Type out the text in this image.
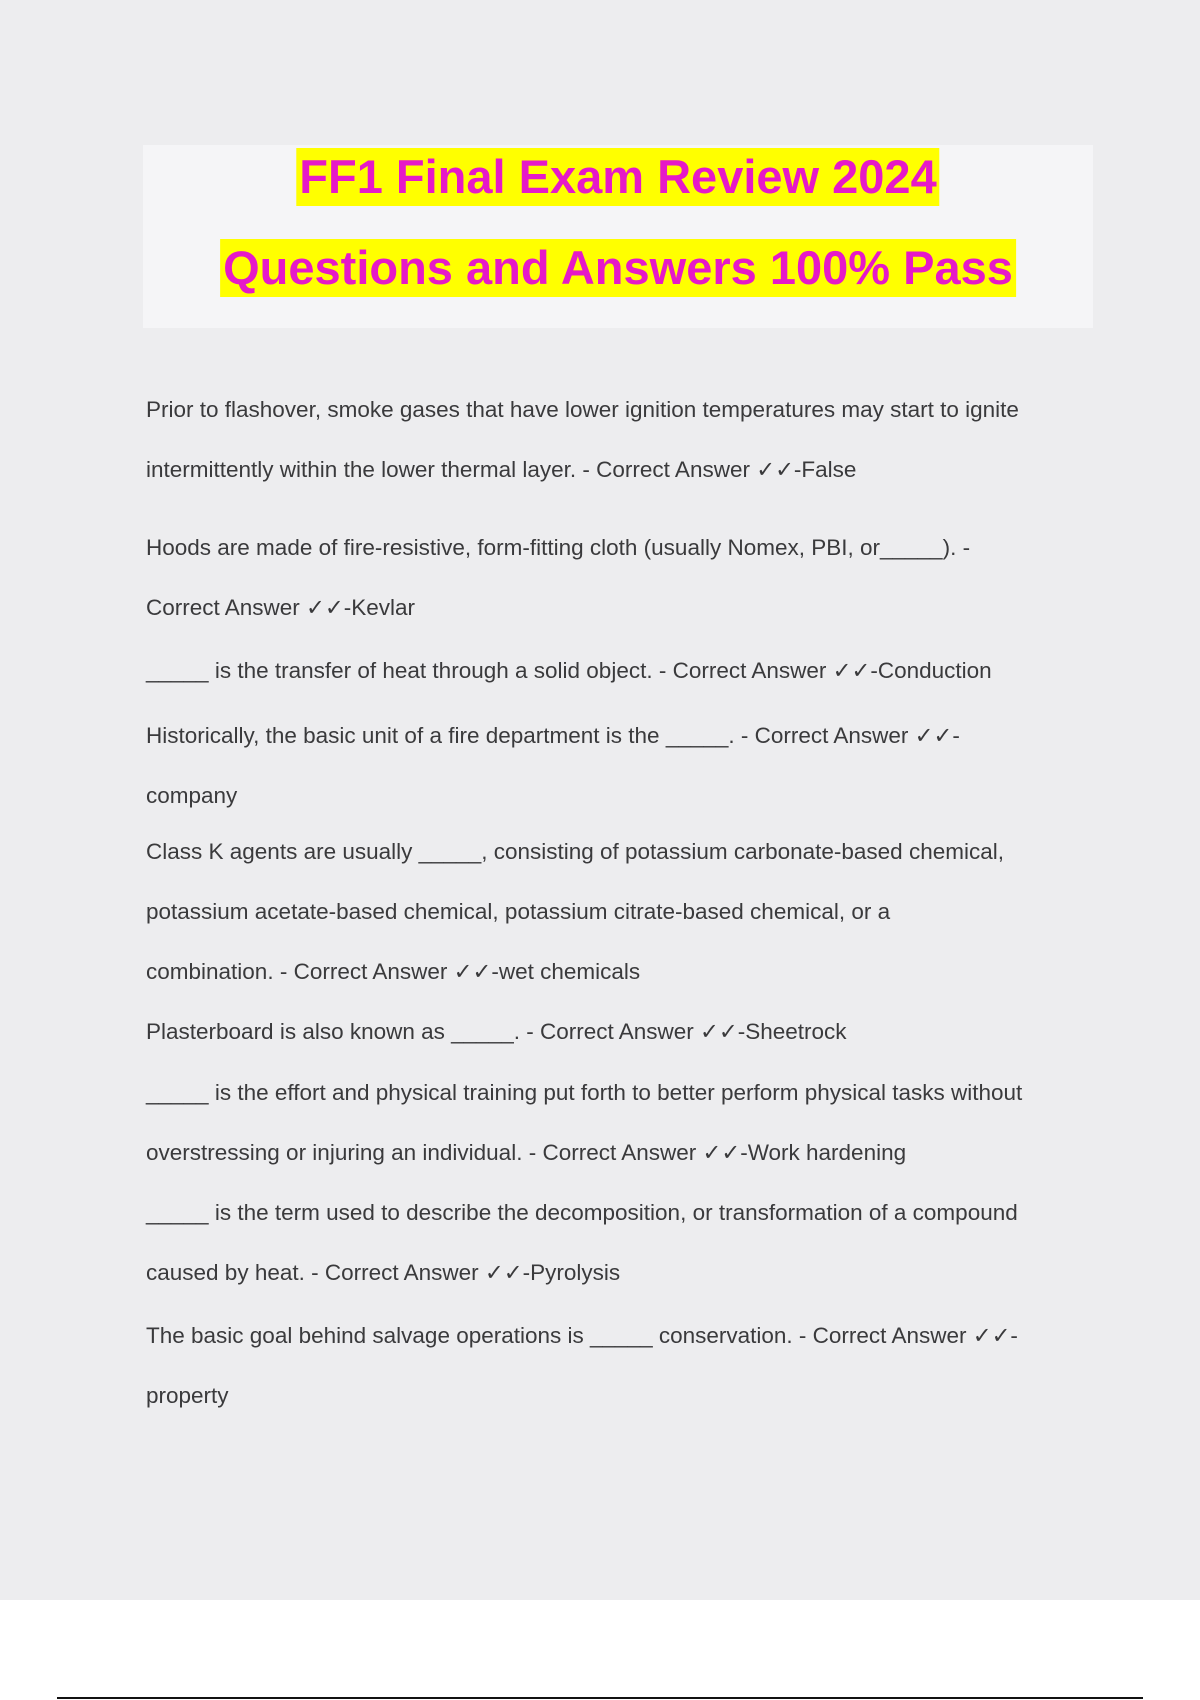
FF1 Final Exam Review 2024
Questions and Answers 100% Pass

Prior to flashover, smoke gases that have lower ignition temperatures may start to ignite
intermittently within the lower thermal layer. - Correct Answer ✓✓-False

Hoods are made of fire-resistive, form-fitting cloth (usually Nomex, PBI, or_____). -
Correct Answer ✓✓-Kevlar

_____ is the transfer of heat through a solid object. - Correct Answer ✓✓-Conduction

Historically, the basic unit of a fire department is the _____. - Correct Answer ✓✓-
company

Class K agents are usually _____, consisting of potassium carbonate-based chemical,
potassium acetate-based chemical, potassium citrate-based chemical, or a
combination. - Correct Answer ✓✓-wet chemicals

Plasterboard is also known as _____. - Correct Answer ✓✓-Sheetrock

_____ is the effort and physical training put forth to better perform physical tasks without
overstressing or injuring an individual. - Correct Answer ✓✓-Work hardening

_____ is the term used to describe the decomposition, or transformation of a compound
caused by heat. - Correct Answer ✓✓-Pyrolysis

The basic goal behind salvage operations is _____ conservation. - Correct Answer ✓✓-
property
